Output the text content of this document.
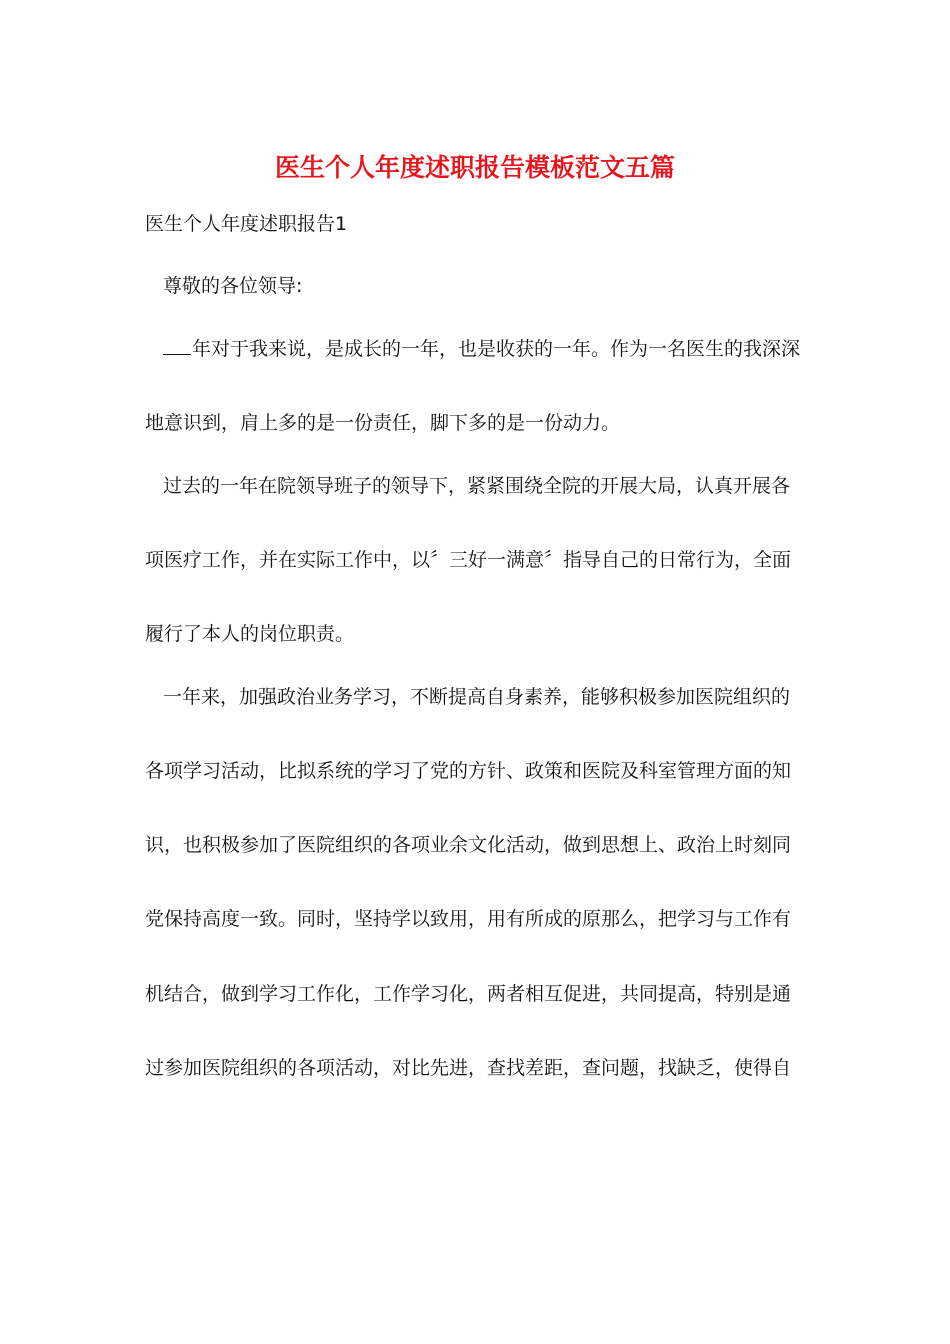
医生个人年度述职报告模板范文五篇
医生个人年度述职报告1
尊敬的各位领导:
年对于我来说，是成长的一年，也是收获的一年。作为一名医生的我深深
地意识到，肩上多的是一份责任，脚下多的是一份动力。
过去的一年在院领导班子的领导下，紧紧围绕全院的开展大局，认真开展各
项医疗工作，并在实际工作中，以〞三好一满意〞指导自己的日常行为，全面
履行了本人的岗位职责。
一年来，加强政治业务学习，不断提高自身素养，能够积极参加医院组织的
各项学习活动，比拟系统的学习了党的方针、政策和医院及科室管理方面的知
识，也积极参加了医院组织的各项业余文化活动，做到思想上、政治上时刻同
党保持高度一致。同时，坚持学以致用，用有所成的原那么，把学习与工作有
机结合，做到学习工作化，工作学习化，两者相互促进，共同提高，特别是通
过参加医院组织的各项活动，对比先进，查找差距，查问题，找缺乏，使得自
